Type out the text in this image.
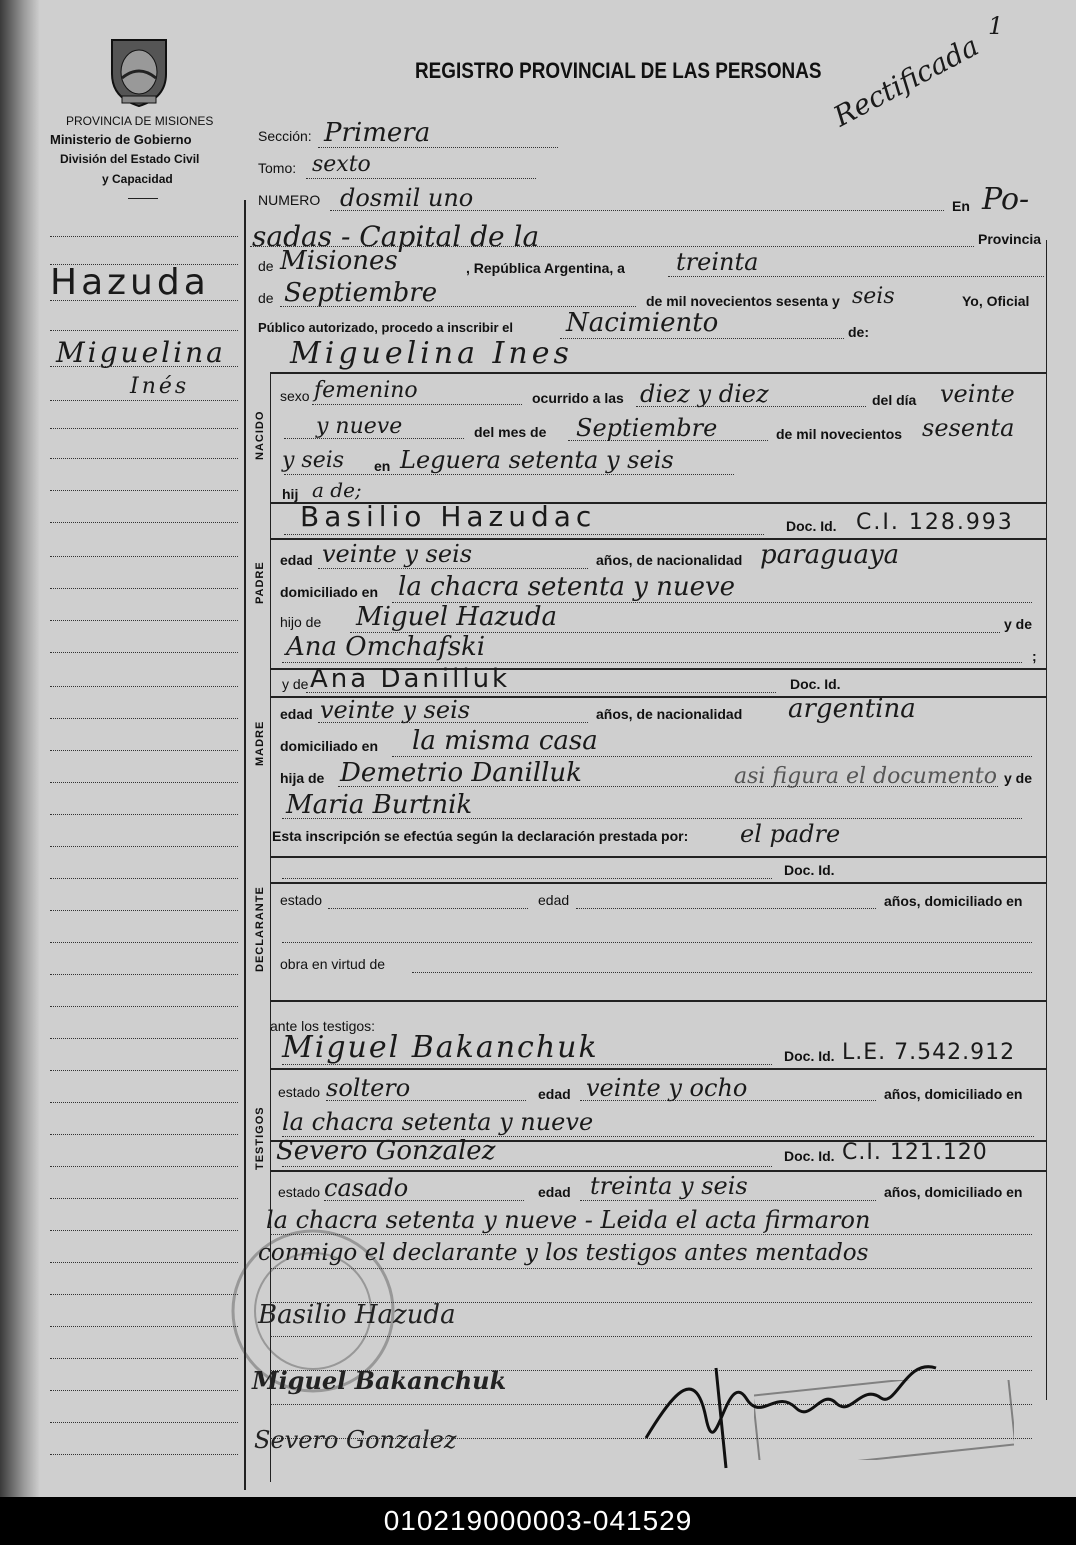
PROVINCIA DE MISIONES
Ministerio de Gobierno
División del Estado Civil
y Capacidad
REGISTRO PROVINCIAL DE LAS PERSONAS
1
Rectificada
Hazuda
Miguelina
Inés
Sección: Primera
Tomo: sexto
NUMERO dosmil uno	En Po-
sadas - Capital de la	Provincia
de Misiones	, República Argentina, a treinta
de Septiembre	de mil novecientos sesenta y seis	Yo, Oficial
Público autorizado, procedo a inscribir el Nacimiento	de:
Miguelina Ines
NACIDO
sexo femenino	ocurrido a las diez y diez	del día veinte
y nueve	del mes de Septiembre	de mil novecientos sesenta
y seis en Leguera setenta y seis
hij a de;
PADRE
Basilio Hazudac	Doc. Id. C.I. 128.993
edad veinte y seis	años, de nacionalidad paraguaya
domiciliado en la chacra setenta y nueve
hijo de Miguel Hazuda	y de
Ana Omchafski	;
MADRE
y de Ana Danilluk	Doc. Id.
edad veinte y seis	años, de nacionalidad argentina
domiciliado en la misma casa
hija de Demetrio Danilluk	asi figura el documento y de
Maria Burtnik
Esta inscripción se efectúa según la declaración prestada por: el padre
DECLARANTE
Doc. Id.
estado	edad	años, domiciliado en
obra en virtud de
TESTIGOS
ante los testigos:
Miguel Bakanchuk	Doc. Id. L.E. 7.542.912
estado soltero	edad veinte y ocho	años, domiciliado en
la chacra setenta y nueve
Severo Gonzalez	Doc. Id. C.I. 121.120
estado casado	edad treinta y seis	años, domiciliado en
la chacra setenta y nueve - Leida el acta firmaron
conmigo el declarante y los testigos antes mentados
Basilio Hazuda
Miguel Bakanchuk
Severo Gonzalez
010219000003-041529
